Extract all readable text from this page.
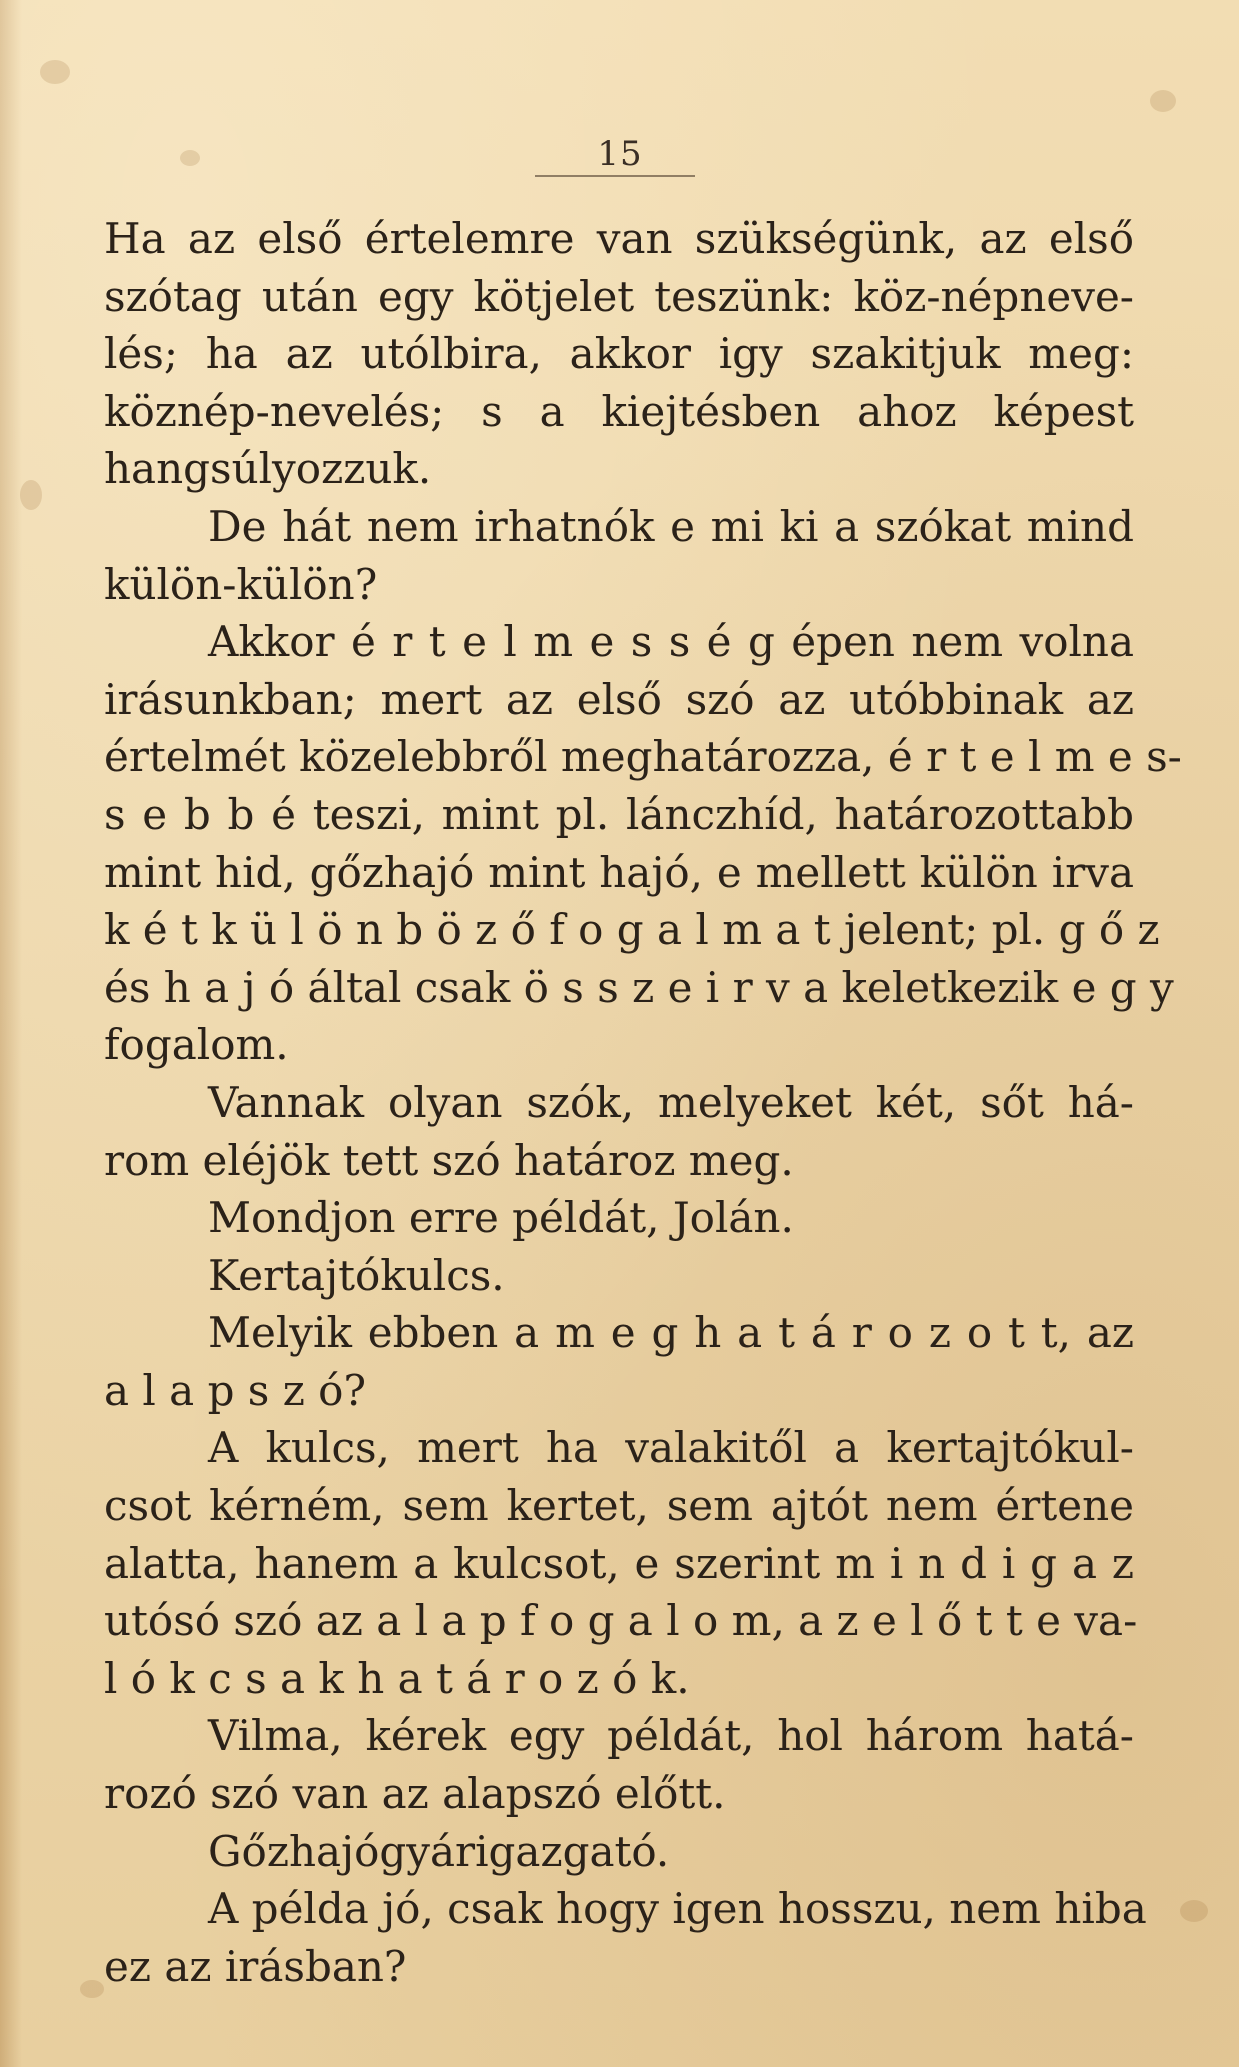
15
Ha az első értelemre van szükségünk, az első
szótag után egy kötjelet teszünk: köz-népneve-
lés; ha az utólbira, akkor igy szakitjuk meg:
köznép-nevelés; s a kiejtésben ahoz képest
hangsúlyozzuk.
De hát nem irhatnók e mi ki a szókat mind
külön-külön?
Akkor é r t e l m e s s é g épen nem volna
irásunkban; mert az első szó az utóbbinak az
értelmét közelebbről meghatározza, é r t e l m e s-
s e b b é teszi, mint pl. lánczhíd, határozottabb
mint hid, gőzhajó mint hajó, e mellett külön irva
k é t k ü l ö n b ö z ő f o g a l m a t jelent; pl. g ő z
és h a j ó által csak ö s s z e i r v a keletkezik e g y
fogalom.
Vannak olyan szók, melyeket két, sőt há-
rom eléjök tett szó határoz meg.
Mondjon erre példát, Jolán.
Kertajtókulcs.
Melyik ebben a m e g h a t á r o z o t t, az
a l a p s z ó?
A kulcs, mert ha valakitől a kertajtókul-
csot kérném, sem kertet, sem ajtót nem értene
alatta, hanem a kulcsot, e szerint m i n d i g a z
utósó szó az a l a p f o g a l o m, a z e l ő t t e va-
l ó k c s a k h a t á r o z ó k.
Vilma, kérek egy példát, hol három hatá-
rozó szó van az alapszó előtt.
Gőzhajógyárigazgató.
A példa jó, csak hogy igen hosszu, nem hiba
ez az irásban?
